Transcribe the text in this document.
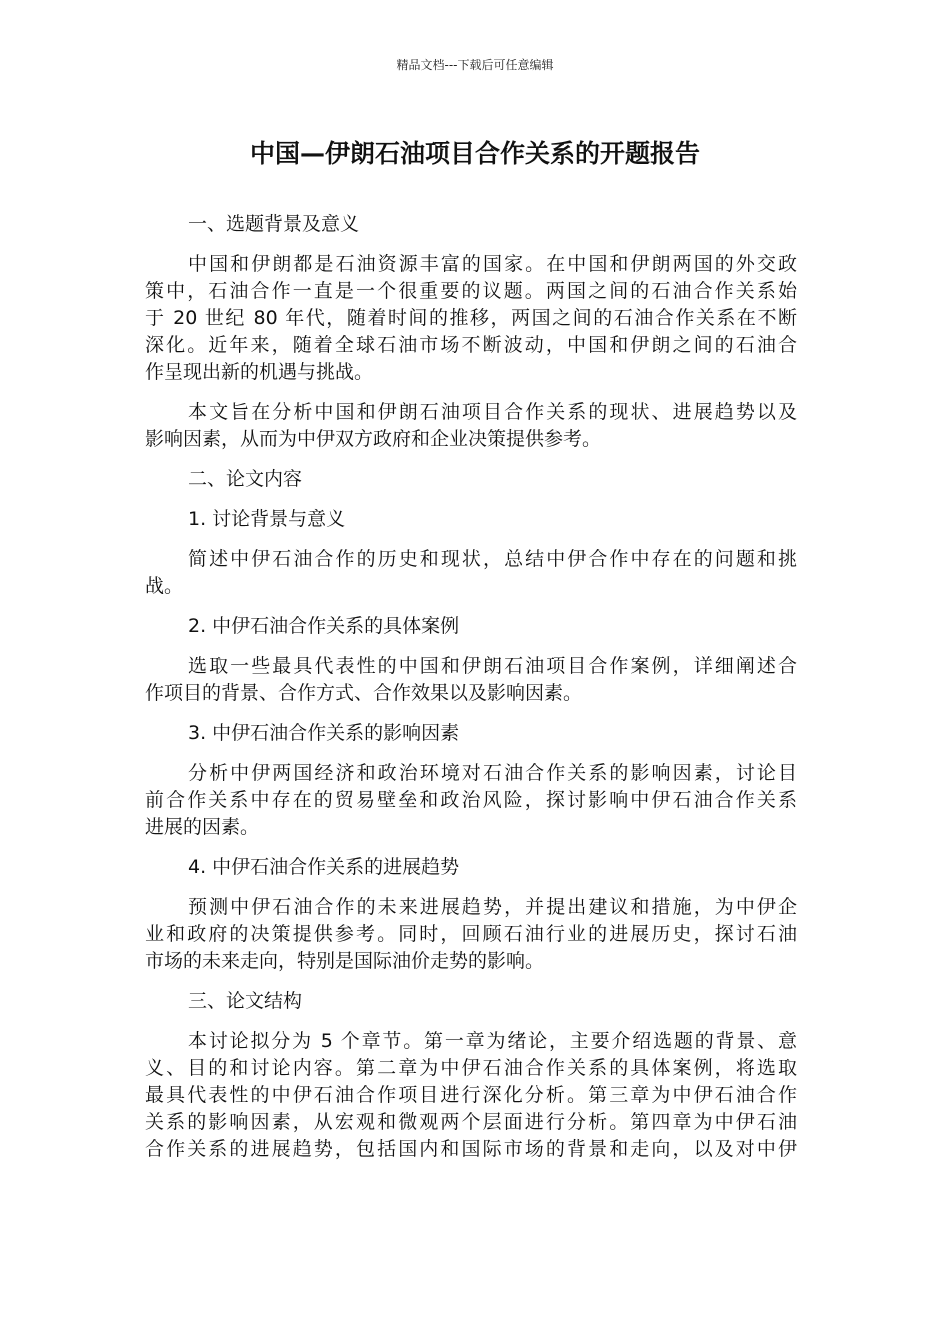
精品文档---下载后可任意编辑
中国—伊朗石油项目合作关系的开题报告
一、选题背景及意义
中国和伊朗都是石油资源丰富的国家。在中国和伊朗两国的外交政
策中，石油合作一直是一个很重要的议题。两国之间的石油合作关系始
于 20 世纪 80 年代，随着时间的推移，两国之间的石油合作关系在不断
深化。近年来，随着全球石油市场不断波动，中国和伊朗之间的石油合
作呈现出新的机遇与挑战。
本文旨在分析中国和伊朗石油项目合作关系的现状、进展趋势以及
影响因素，从而为中伊双方政府和企业决策提供参考。
二、论文内容
1. 讨论背景与意义
简述中伊石油合作的历史和现状，总结中伊合作中存在的问题和挑
战。
2. 中伊石油合作关系的具体案例
选取一些最具代表性的中国和伊朗石油项目合作案例，详细阐述合
作项目的背景、合作方式、合作效果以及影响因素。
3. 中伊石油合作关系的影响因素
分析中伊两国经济和政治环境对石油合作关系的影响因素，讨论目
前合作关系中存在的贸易壁垒和政治风险，探讨影响中伊石油合作关系
进展的因素。
4. 中伊石油合作关系的进展趋势
预测中伊石油合作的未来进展趋势，并提出建议和措施，为中伊企
业和政府的决策提供参考。同时，回顾石油行业的进展历史，探讨石油
市场的未来走向，特别是国际油价走势的影响。
三、论文结构
本讨论拟分为 5 个章节。第一章为绪论，主要介绍选题的背景、意
义、目的和讨论内容。第二章为中伊石油合作关系的具体案例，将选取
最具代表性的中伊石油合作项目进行深化分析。第三章为中伊石油合作
关系的影响因素，从宏观和微观两个层面进行分析。第四章为中伊石油
合作关系的进展趋势，包括国内和国际市场的背景和走向，以及对中伊
